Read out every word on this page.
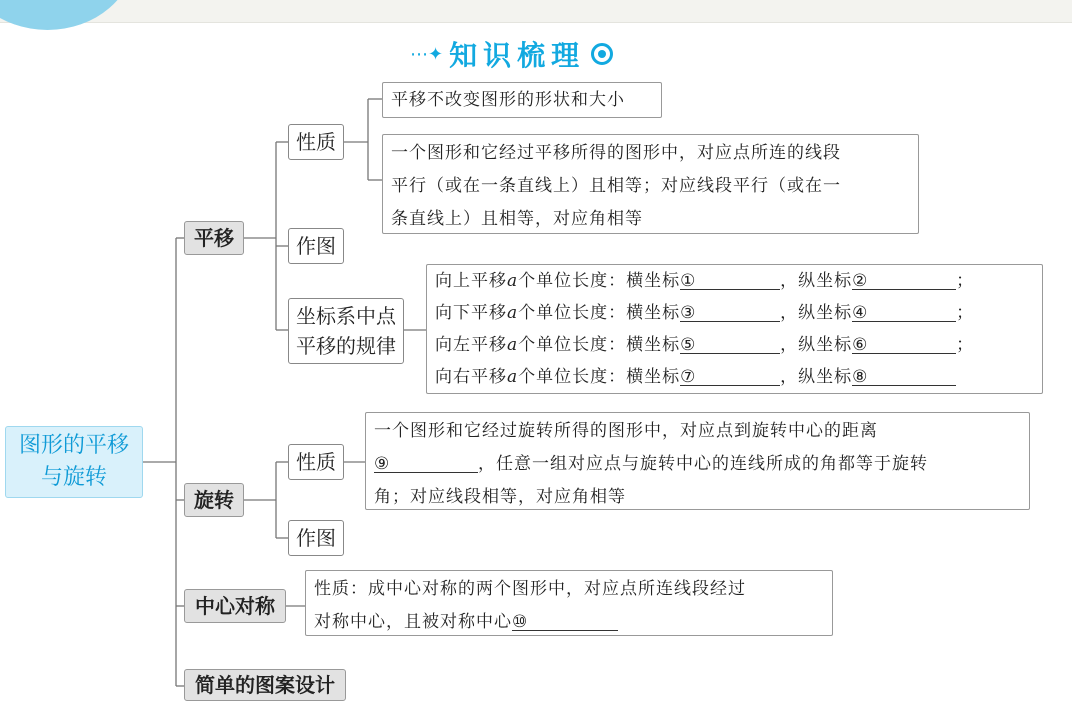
⋯✦ 知识梳理
图形的平移
与旋转
平移
性质
作图
坐标系中点
平移的规律
平移不改变图形的形状和大小
一个图形和它经过平移所得的图形中，对应点所连的线段
平行（或在一条直线上）且相等；对应线段平行（或在一
条直线上）且相等，对应角相等
向上平移a个单位长度：横坐标①	，纵坐标②	；
向下平移a个单位长度：横坐标③	，纵坐标④	；
向左平移a个单位长度：横坐标⑤	，纵坐标⑥	；
向右平移a个单位长度：横坐标⑦	，纵坐标⑧
旋转
性质
作图
一个图形和它经过旋转所得的图形中，对应点到旋转中心的距离
⑨	，任意一组对应点与旋转中心的连线所成的角都等于旋转
角；对应线段相等，对应角相等
中心对称
性质：成中心对称的两个图形中，对应点所连线段经过
对称中心，且被对称中心⑩
简单的图案设计
